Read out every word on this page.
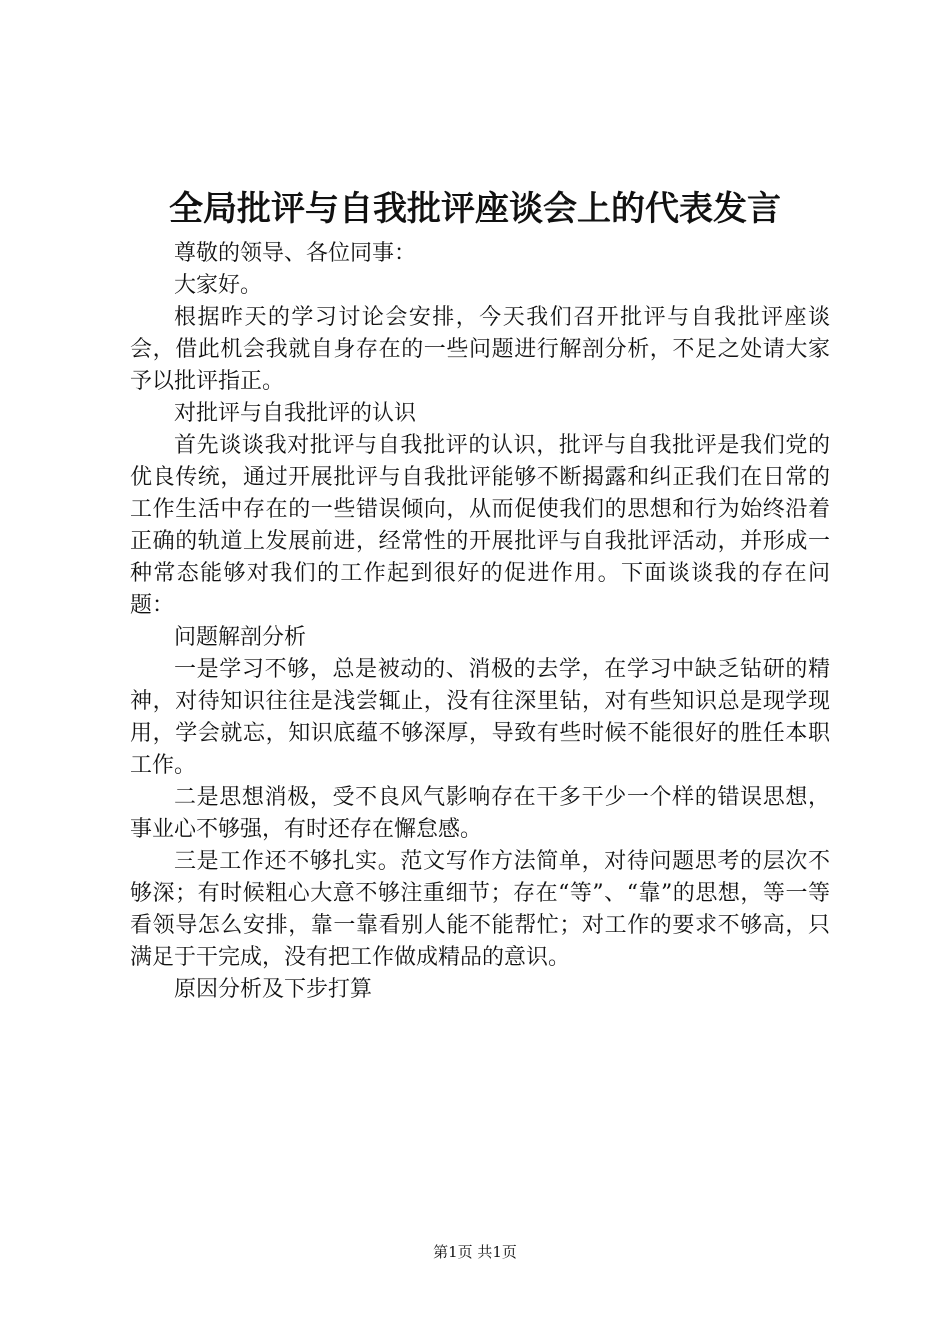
全局批评与自我批评座谈会上的代表发言

尊敬的领导、各位同事：

大家好。

根据昨天的学习讨论会安排，今天我们召开批评与自我批评座谈会，借此机会我就自身存在的一些问题进行解剖分析，不足之处请大家予以批评指正。

对批评与自我批评的认识

首先谈谈我对批评与自我批评的认识，批评与自我批评是我们党的优良传统，通过开展批评与自我批评能够不断揭露和纠正我们在日常的工作生活中存在的一些错误倾向，从而促使我们的思想和行为始终沿着正确的轨道上发展前进，经常性的开展批评与自我批评活动，并形成一种常态能够对我们的工作起到很好的促进作用。下面谈谈我的存在问题：

问题解剖分析

一是学习不够，总是被动的、消极的去学，在学习中缺乏钻研的精神，对待知识往往是浅尝辄止，没有往深里钻，对有些知识总是现学现用，学会就忘，知识底蕴不够深厚，导致有些时候不能很好的胜任本职工作。

二是思想消极，受不良风气影响存在干多干少一个样的错误思想，事业心不够强，有时还存在懈怠感。

三是工作还不够扎实。范文写作方法简单，对待问题思考的层次不够深；有时候粗心大意不够注重细节；存在“等”、“靠”的思想，等一等看领导怎么安排，靠一靠看别人能不能帮忙；对工作的要求不够高，只满足于干完成，没有把工作做成精品的意识。

原因分析及下步打算

第1页 共1页
